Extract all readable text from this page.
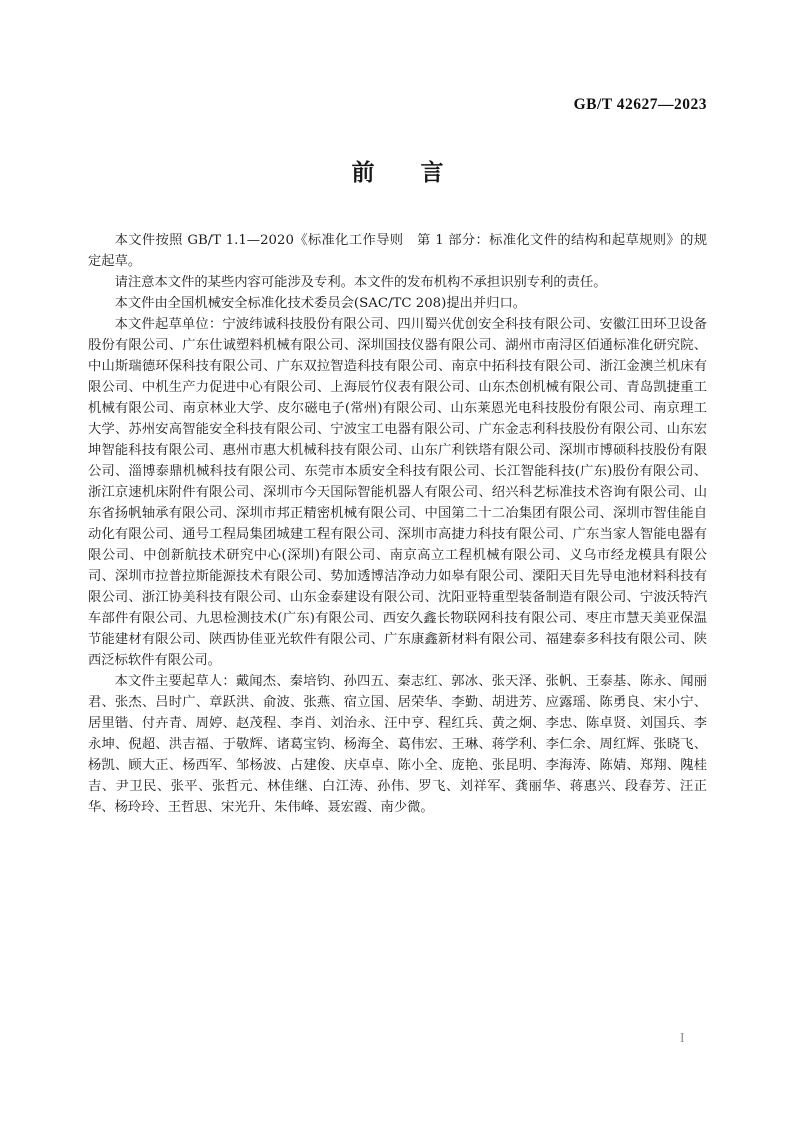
GB/T 42627—2023
前　　言

本文件按照 GB/T 1.1—2020《标准化工作导则　第 1 部分：标准化文件的结构和起草规则》的规定起草。

请注意本文件的某些内容可能涉及专利。本文件的发布机构不承担识别专利的责任。

本文件由全国机械安全标准化技术委员会(SAC/TC 208)提出并归口。

本文件起草单位：宁波纬诚科技股份有限公司、四川蜀兴优创安全科技有限公司、安徽江田环卫设备股份有限公司、广东仕诚塑料机械有限公司、深圳国技仪器有限公司、湖州市南浔区佰通标准化研究院、中山斯瑞德环保科技有限公司、广东双拉智造科技有限公司、南京中拓科技有限公司、浙江金澳兰机床有限公司、中机生产力促进中心有限公司、上海辰竹仪表有限公司、山东杰创机械有限公司、青岛凯捷重工机械有限公司、南京林业大学、皮尔磁电子(常州)有限公司、山东莱恩光电科技股份有限公司、南京理工大学、苏州安高智能安全科技有限公司、宁波宝工电器有限公司、广东金志利科技股份有限公司、山东宏坤智能科技有限公司、惠州市惠大机械科技有限公司、山东广利铁塔有限公司、深圳市博硕科技股份有限公司、淄博泰鼎机械科技有限公司、东莞市本质安全科技有限公司、长江智能科技(广东)股份有限公司、浙江京速机床附件有限公司、深圳市今天国际智能机器人有限公司、绍兴科艺标准技术咨询有限公司、山东省扬帆轴承有限公司、深圳市邦正精密机械有限公司、中国第二十二冶集团有限公司、深圳市智佳能自动化有限公司、通号工程局集团城建工程有限公司、深圳市高捷力科技有限公司、广东当家人智能电器有限公司、中创新航技术研究中心(深圳)有限公司、南京高立工程机械有限公司、义乌市经龙模具有限公司、深圳市拉普拉斯能源技术有限公司、势加透博洁净动力如皋有限公司、溧阳天目先导电池材料科技有限公司、浙江协美科技有限公司、山东金泰建设有限公司、沈阳亚特重型装备制造有限公司、宁波沃特汽车部件有限公司、九思检测技术(广东)有限公司、西安久鑫长物联网科技有限公司、枣庄市慧天美亚保温节能建材有限公司、陕西协佳亚光软件有限公司、广东康鑫新材料有限公司、福建泰多科技有限公司、陕西泛标软件有限公司。

本文件主要起草人：戴闻杰、秦培钧、孙四五、秦志红、郭冰、张天泽、张帆、王泰基、陈永、闻丽君、张杰、吕时广、章跃洪、俞波、张燕、宿立国、居荣华、李勤、胡进芳、应露瑶、陈勇良、宋小宁、居里锴、付卉青、周婷、赵茂程、李肖、刘治永、汪中亨、程红兵、黄之炯、李忠、陈卓贤、刘国兵、李永坤、倪超、洪吉福、于敬辉、诸葛宝钧、杨海全、葛伟宏、王琳、蒋学利、李仁余、周红辉、张晓飞、杨凯、顾大正、杨西军、邹杨波、占建俊、庆卓卓、陈小全、庞艳、张昆明、李海涛、陈婧、郑翔、隗桂吉、尹卫民、张平、张哲元、林佳继、白江涛、孙伟、罗飞、刘祥军、龚丽华、蒋惠兴、段春芳、汪正华、杨玲玲、王哲思、宋光升、朱伟峰、聂宏霞、南少微。

I
